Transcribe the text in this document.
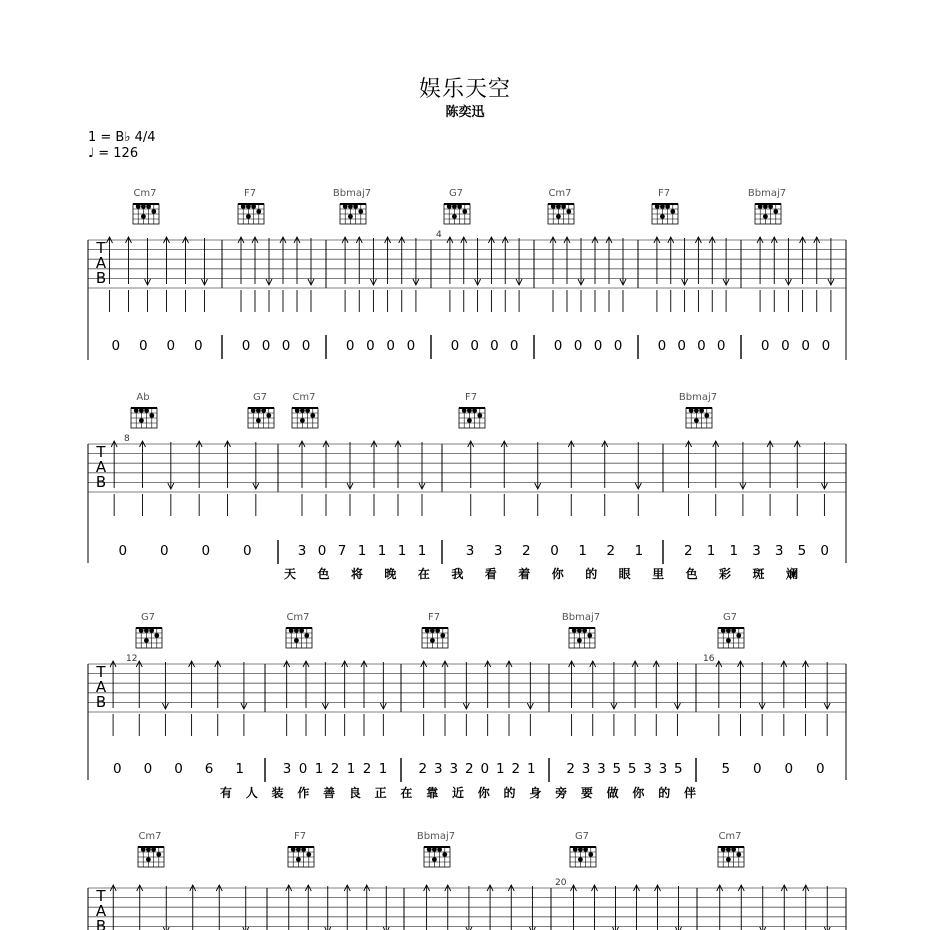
娱乐天空
陈奕迅
1 = B♭ 4/4
♩ = 126
T
A
B
4
Cm7	F7	Bbmaj7	G7	Cm7	F7	Bbmaj7
0 0 0 0	0 0 0 0	0 0 0 0	0 0 0 0	0 0 0 0	0 0 0 0	0 0 0 0
T
A
B
8
Ab	G7	Cm7	F7	Bbmaj7
0 0 0 0	3 0 7 1 1 1 1	3 3 2 0 1 2 1	2 1 1 3 3 5 0
天 色 将 晚 在 我 看 着 你 的 眼 里 色 彩 斑 斓
T
A
B
12	16
G7	Cm7	F7	Bbmaj7	G7
0 0 0 6 1	3 0 1 2 1 2 1 2 3 3 2 0 1 2 1 2 3 3 5 5 3 3 5	5 0 0 0
有 人 装 作 善 良 正 在 靠 近 你 的 身 旁 要 做 你 的 伴
T
A
B
20
Cm7	F7	Bbmaj7	G7	Cm7
